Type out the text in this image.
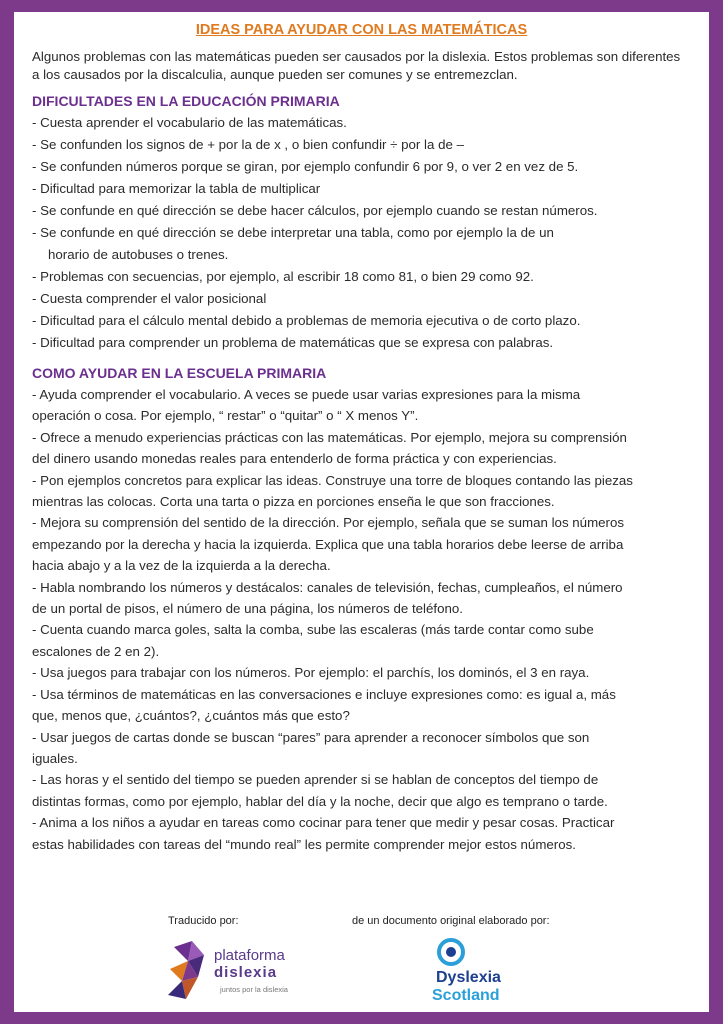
IDEAS PARA AYUDAR CON LAS MATEMÁTICAS

Algunos problemas con las matemáticas pueden ser causados por la dislexia. Estos problemas son diferentes a los causados por la discalculia, aunque pueden ser comunes y se entremezclan.

DIFICULTADES EN LA EDUCACIÓN PRIMARIA
- Cuesta aprender el vocabulario de las matemáticas.
- Se confunden los signos de + por la de x , o bien confundir ÷ por la de –
- Se confunden números porque se giran, por ejemplo confundir 6 por 9, o ver 2 en vez de 5.
- Dificultad para memorizar la tabla de multiplicar
- Se confunde en qué dirección se debe hacer cálculos, por ejemplo cuando se restan números.
- Se confunde en qué dirección se debe interpretar una tabla, como por ejemplo la de un
horario de autobuses o trenes.
- Problemas con secuencias, por ejemplo, al escribir 18 como 81, o bien 29 como 92.
- Cuesta comprender el valor posicional
- Dificultad para el cálculo mental debido a problemas de memoria ejecutiva o de corto plazo.
- Dificultad para comprender un problema de matemáticas que se expresa con palabras.
COMO AYUDAR EN LA ESCUELA PRIMARIA
- Ayuda comprender el vocabulario. A veces se puede usar varias expresiones para la misma
operación o cosa. Por ejemplo, “ restar” o “quitar” o “ X menos Y”.
- Ofrece a menudo experiencias prácticas con las matemáticas. Por ejemplo, mejora su comprensión
del dinero usando monedas reales para entenderlo de forma práctica y con experiencias.
- Pon ejemplos concretos para explicar las ideas. Construye una torre de bloques contando las piezas
mientras las colocas. Corta una tarta o pizza en porciones enseña le que son fracciones.
- Mejora su comprensión del sentido de la dirección. Por ejemplo, señala que se suman los números
empezando por la derecha y hacia la izquierda. Explica que una tabla horarios debe leerse de arriba
hacia abajo y a la vez de la izquierda a la derecha.
- Habla nombrando los números y destácalos: canales de televisión, fechas, cumpleaños, el número
de un portal de pisos, el número de una página, los números de teléfono.
- Cuenta cuando marca goles, salta la comba, sube las escaleras (más tarde contar como sube
escalones de 2 en 2).
- Usa juegos para trabajar con los números. Por ejemplo: el parchís, los dominós, el 3 en raya.
- Usa términos de matemáticas en las conversaciones e incluye expresiones como: es igual a, más
que, menos que, ¿cuántos?, ¿cuántos más que esto?
- Usar juegos de cartas donde se buscan “pares” para aprender a reconocer símbolos que son
iguales.
- Las horas y el sentido del tiempo se pueden aprender si se hablan de conceptos del tiempo de
distintas formas, como por ejemplo, hablar del día y la noche, decir que algo es temprano o tarde.
- Anima a los niños a ayudar en tareas como cocinar para tener que medir y pesar cosas. Practicar
estas habilidades con tareas del “mundo real” les permite comprender mejor estos números.
Traducido por:	de un documento original elaborado por:
plataforma
dislexia
juntos por la dislexia
Dyslexia
Scotland
